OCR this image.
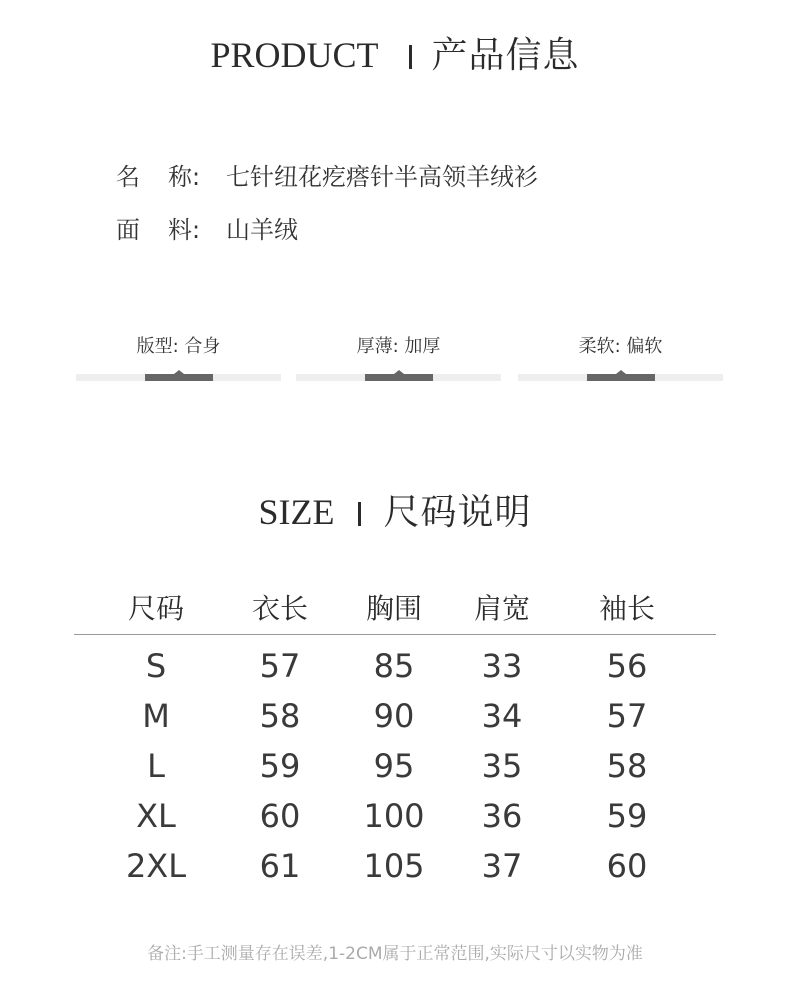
PRODUCT 产品信息
名 称: 七针纽花疙瘩针半高领羊绒衫
面 料: 山羊绒
版型: 合身	厚薄: 加厚	柔软: 偏软
SIZE 尺码说明
尺码	衣长	胸围	肩宽	袖长
S	57	85	33	56
M	58	90	34	57
L	59	95	35	58
XL	60	100	36	59
2XL	61	105	37	60
备注:手工测量存在误差,1-2CM属于正常范围,实际尺寸以实物为准
